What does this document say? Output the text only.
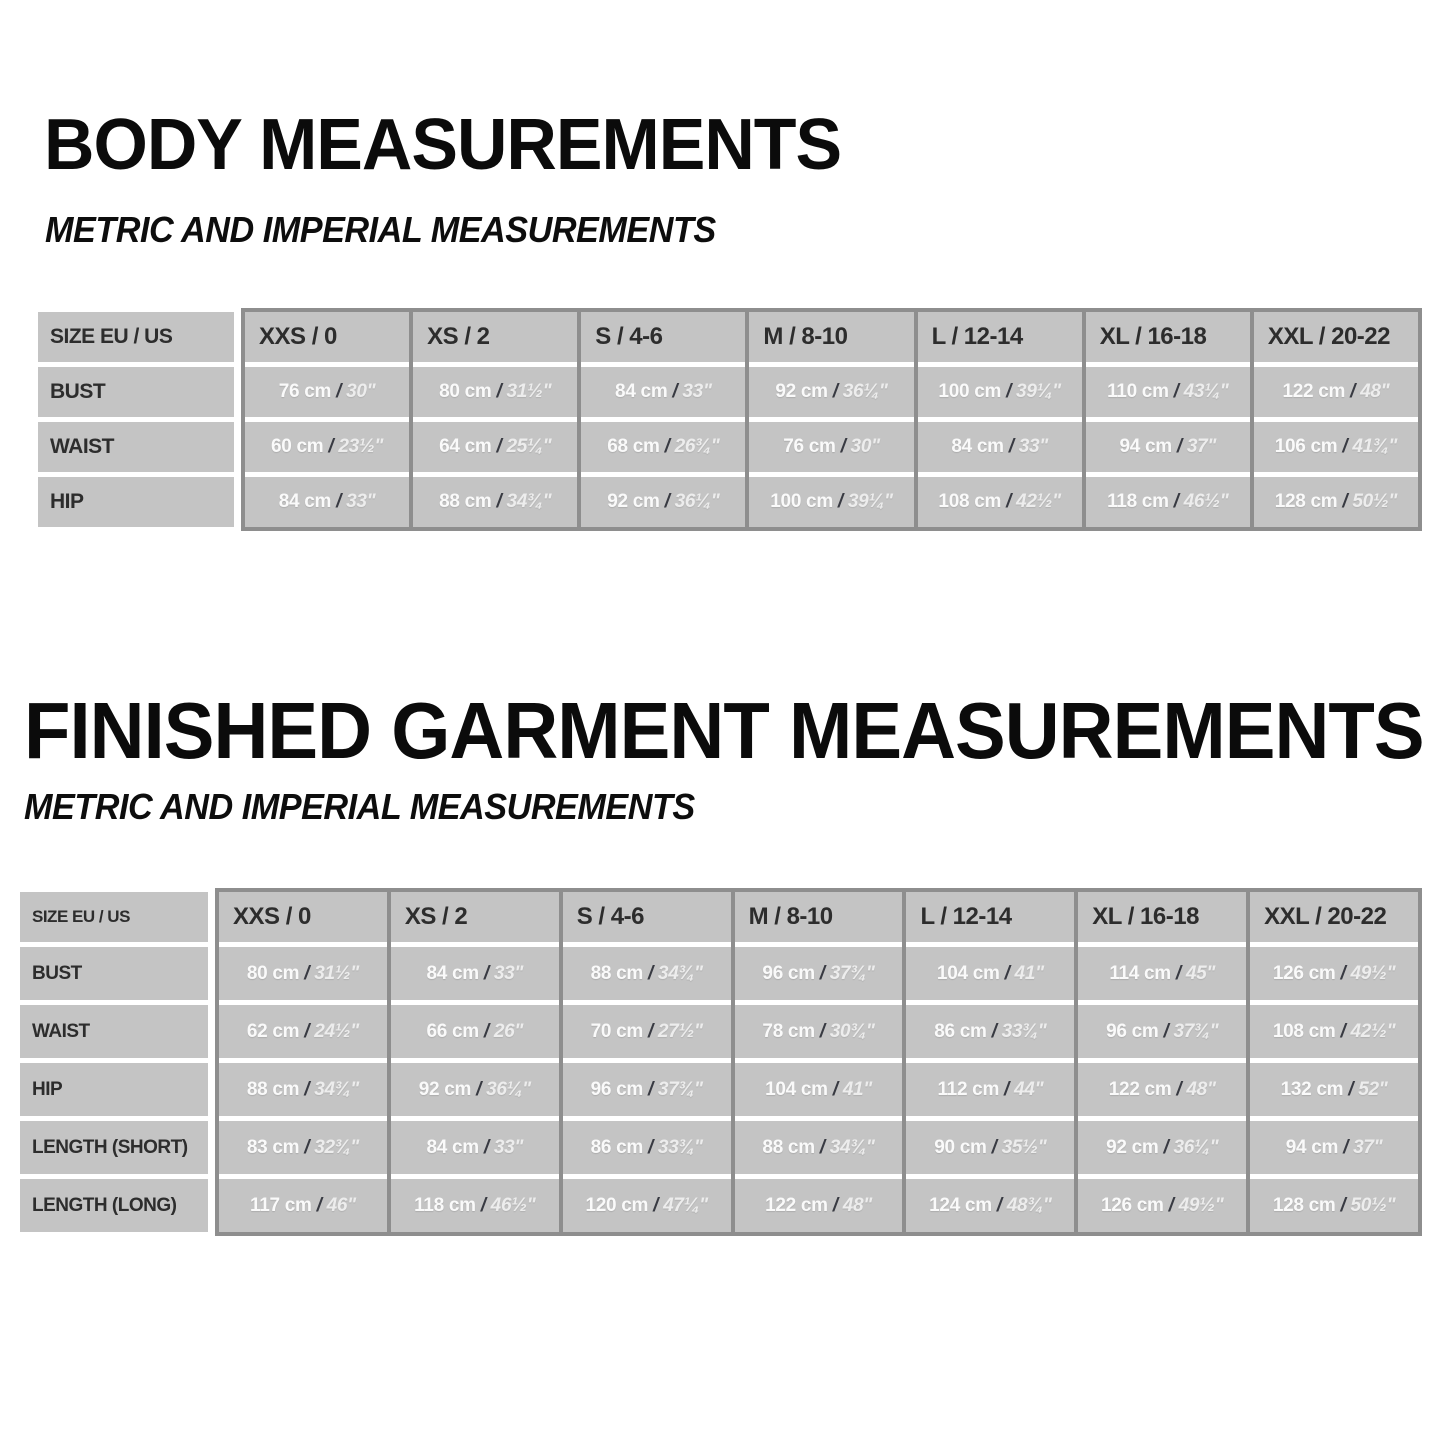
BODY MEASUREMENTS
METRIC AND IMPERIAL MEASUREMENTS
SIZE EU / US
BUST
WAIST
HIP
XXS / 0
76 cm / 30"
60 cm / 23½"
84 cm / 33"
XS / 2
80 cm / 31½"
64 cm / 25¼"
88 cm / 34¾"
S / 4-6
84 cm / 33"
68 cm / 26¾"
92 cm / 36¼"
M / 8-10
92 cm / 36¼"
76 cm / 30"
100 cm / 39¼"
L / 12-14
100 cm / 39¼"
84 cm / 33"
108 cm / 42½"
XL / 16-18
110 cm / 43¼"
94 cm / 37"
118 cm / 46½"
XXL / 20-22
122 cm / 48"
106 cm / 41¾"
128 cm / 50½"
FINISHED GARMENT MEASUREMENTS
METRIC AND IMPERIAL MEASUREMENTS
SIZE EU / US
BUST
WAIST
HIP
LENGTH (SHORT)
LENGTH (LONG)
XXS / 0
80 cm / 31½"
62 cm / 24½"
88 cm / 34¾"
83 cm / 32¾"
117 cm / 46"
XS / 2
84 cm / 33"
66 cm / 26"
92 cm / 36¼"
84 cm / 33"
118 cm / 46½"
S / 4-6
88 cm / 34¾"
70 cm / 27½"
96 cm / 37¾"
86 cm / 33¾"
120 cm / 47¼"
M / 8-10
96 cm / 37¾"
78 cm / 30¾"
104 cm / 41"
88 cm / 34¾"
122 cm / 48"
L / 12-14
104 cm / 41"
86 cm / 33¾"
112 cm / 44"
90 cm / 35½"
124 cm / 48¾"
XL / 16-18
114 cm / 45"
96 cm / 37¾"
122 cm / 48"
92 cm / 36¼"
126 cm / 49½"
XXL / 20-22
126 cm / 49½"
108 cm / 42½"
132 cm / 52"
94 cm / 37"
128 cm / 50½"
